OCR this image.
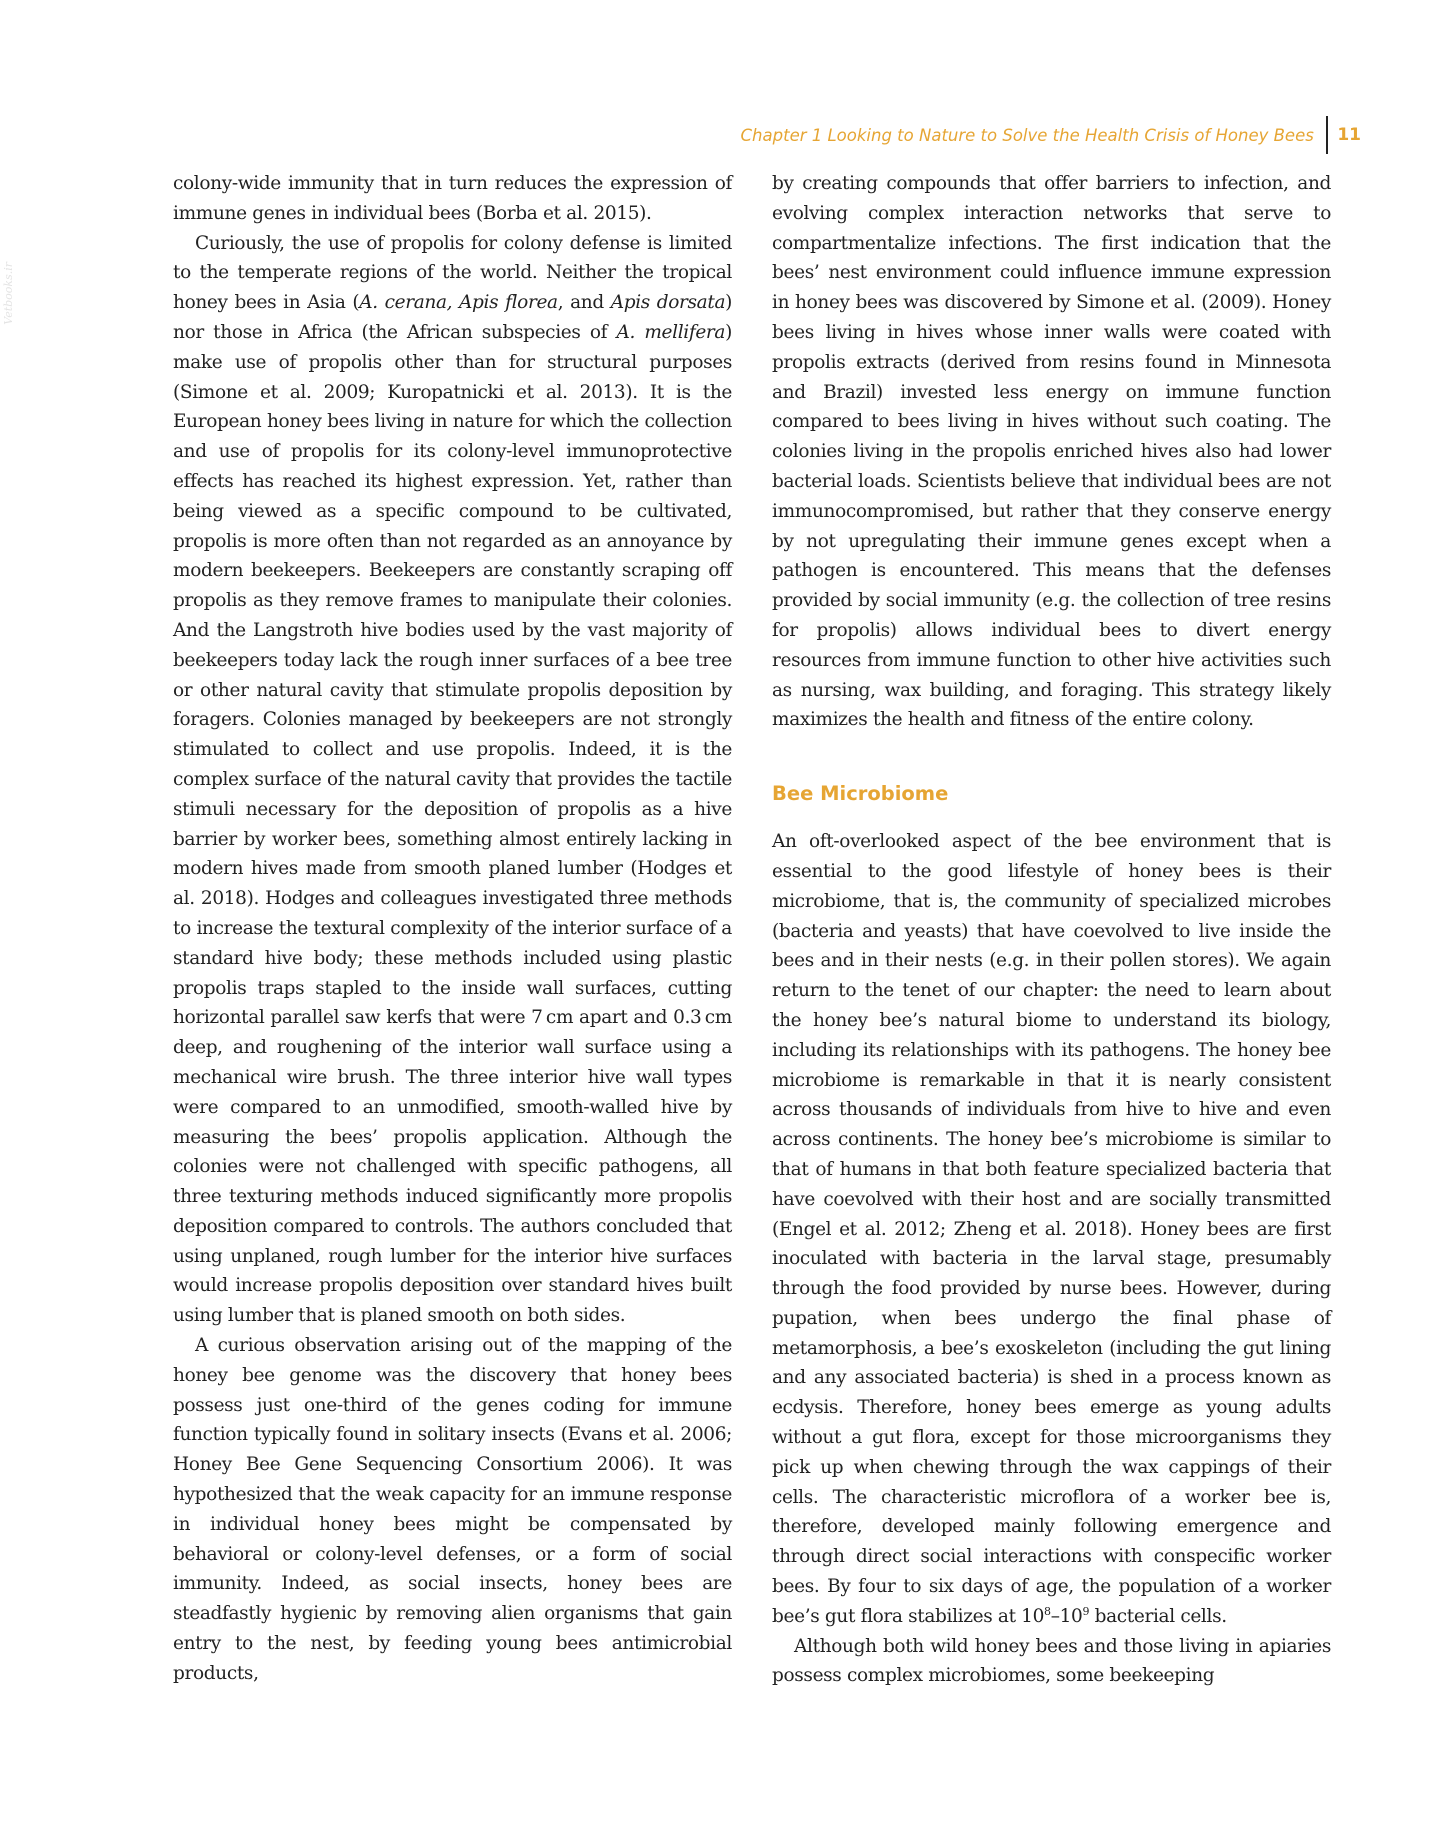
Chapter 1 Looking to Nature to Solve the Health Crisis of Honey Bees 11
Vetbooks.ir

colony-wide immunity that in turn reduces the expression of immune genes in individual bees (Borba et al. 2015).

Curiously, the use of propolis for colony defense is limited to the temperate regions of the world. Neither the tropical honey bees in Asia (A. cerana, Apis florea, and Apis dorsata) nor those in Africa (the African subspecies of A. mellifera) make use of propolis other than for structural purposes (Simone et al. 2009; Kuropatnicki et al. 2013). It is the European honey bees living in nature for which the collection and use of propolis for its colony-level immunoprotective effects has reached its highest expression. Yet, rather than being viewed as a specific compound to be cultivated, propolis is more often than not regarded as an annoyance by modern beekeepers. Beekeepers are constantly scraping off propolis as they remove frames to manipulate their colonies. And the Langstroth hive bodies used by the vast majority of beekeepers today lack the rough inner surfaces of a bee tree or other natural cavity that stimulate propolis deposition by foragers. Colonies managed by beekeepers are not strongly stimulated to collect and use propolis. Indeed, it is the complex surface of the natural cavity that provides the tactile stimuli necessary for the deposition of propolis as a hive barrier by worker bees, something almost entirely lacking in modern hives made from smooth planed lumber (Hodges et al. 2018). Hodges and colleagues investigated three methods to increase the textural complexity of the interior surface of a standard hive body; these methods included using plastic propolis traps stapled to the inside wall surfaces, cutting horizontal parallel saw kerfs that were 7 cm apart and 0.3 cm deep, and roughening of the interior wall surface using a mechanical wire brush. The three interior hive wall types were compared to an unmodified, smooth-walled hive by measuring the bees’ propolis application. Although the colonies were not challenged with specific pathogens, all three texturing methods induced significantly more propolis deposition compared to controls. The authors concluded that using unplaned, rough lumber for the interior hive surfaces would increase propolis deposition over standard hives built using lumber that is planed smooth on both sides.

A curious observation arising out of the mapping of the honey bee genome was the discovery that honey bees possess just one-third of the genes coding for immune function typically found in solitary insects (Evans et al. 2006; Honey Bee Gene Sequencing Consortium 2006). It was hypothesized that the weak capacity for an immune response in individual honey bees might be compensated by behavioral or colony-level defenses, or a form of social immunity. Indeed, as social insects, honey bees are steadfastly hygienic by removing alien organisms that gain entry to the nest, by feeding young bees antimicrobial products,

by creating compounds that offer barriers to infection, and evolving complex interaction networks that serve to compartmentalize infections. The first indication that the bees’ nest environment could influence immune expression in honey bees was discovered by Simone et al. (2009). Honey bees living in hives whose inner walls were coated with propolis extracts (derived from resins found in Minnesota and Brazil) invested less energy on immune function compared to bees living in hives without such coating. The colonies living in the propolis enriched hives also had lower bacterial loads. Scientists believe that individual bees are not immunocompromised, but rather that they conserve energy by not upregulating their immune genes except when a pathogen is encountered. This means that the defenses provided by social immunity (e.g. the collection of tree resins for propolis) allows individual bees to divert energy resources from immune function to other hive activities such as nursing, wax building, and foraging. This strategy likely maximizes the health and fitness of the entire colony.

Bee Microbiome

An oft-overlooked aspect of the bee environment that is essential to the good lifestyle of honey bees is their microbiome, that is, the community of specialized microbes (bacteria and yeasts) that have coevolved to live inside the bees and in their nests (e.g. in their pollen stores). We again return to the tenet of our chapter: the need to learn about the honey bee’s natural biome to understand its biology, including its relationships with its pathogens. The honey bee microbiome is remarkable in that it is nearly consistent across thousands of individuals from hive to hive and even across continents. The honey bee’s microbiome is similar to that of humans in that both feature specialized bacteria that have coevolved with their host and are socially transmitted (Engel et al. 2012; Zheng et al. 2018). Honey bees are first inoculated with bacteria in the larval stage, presumably through the food provided by nurse bees. However, during pupation, when bees undergo the final phase of metamorphosis, a bee’s exoskeleton (including the gut lining and any associated bacteria) is shed in a process known as ecdysis. Therefore, honey bees emerge as young adults without a gut flora, except for those microorganisms they pick up when chewing through the wax cappings of their cells. The characteristic microflora of a worker bee is, therefore, developed mainly following emergence and through direct social interactions with conspecific worker bees. By four to six days of age, the population of a worker bee’s gut flora stabilizes at $10^8-10^9$ bacterial cells.

Although both wild honey bees and those living in apiaries possess complex microbiomes, some beekeeping
